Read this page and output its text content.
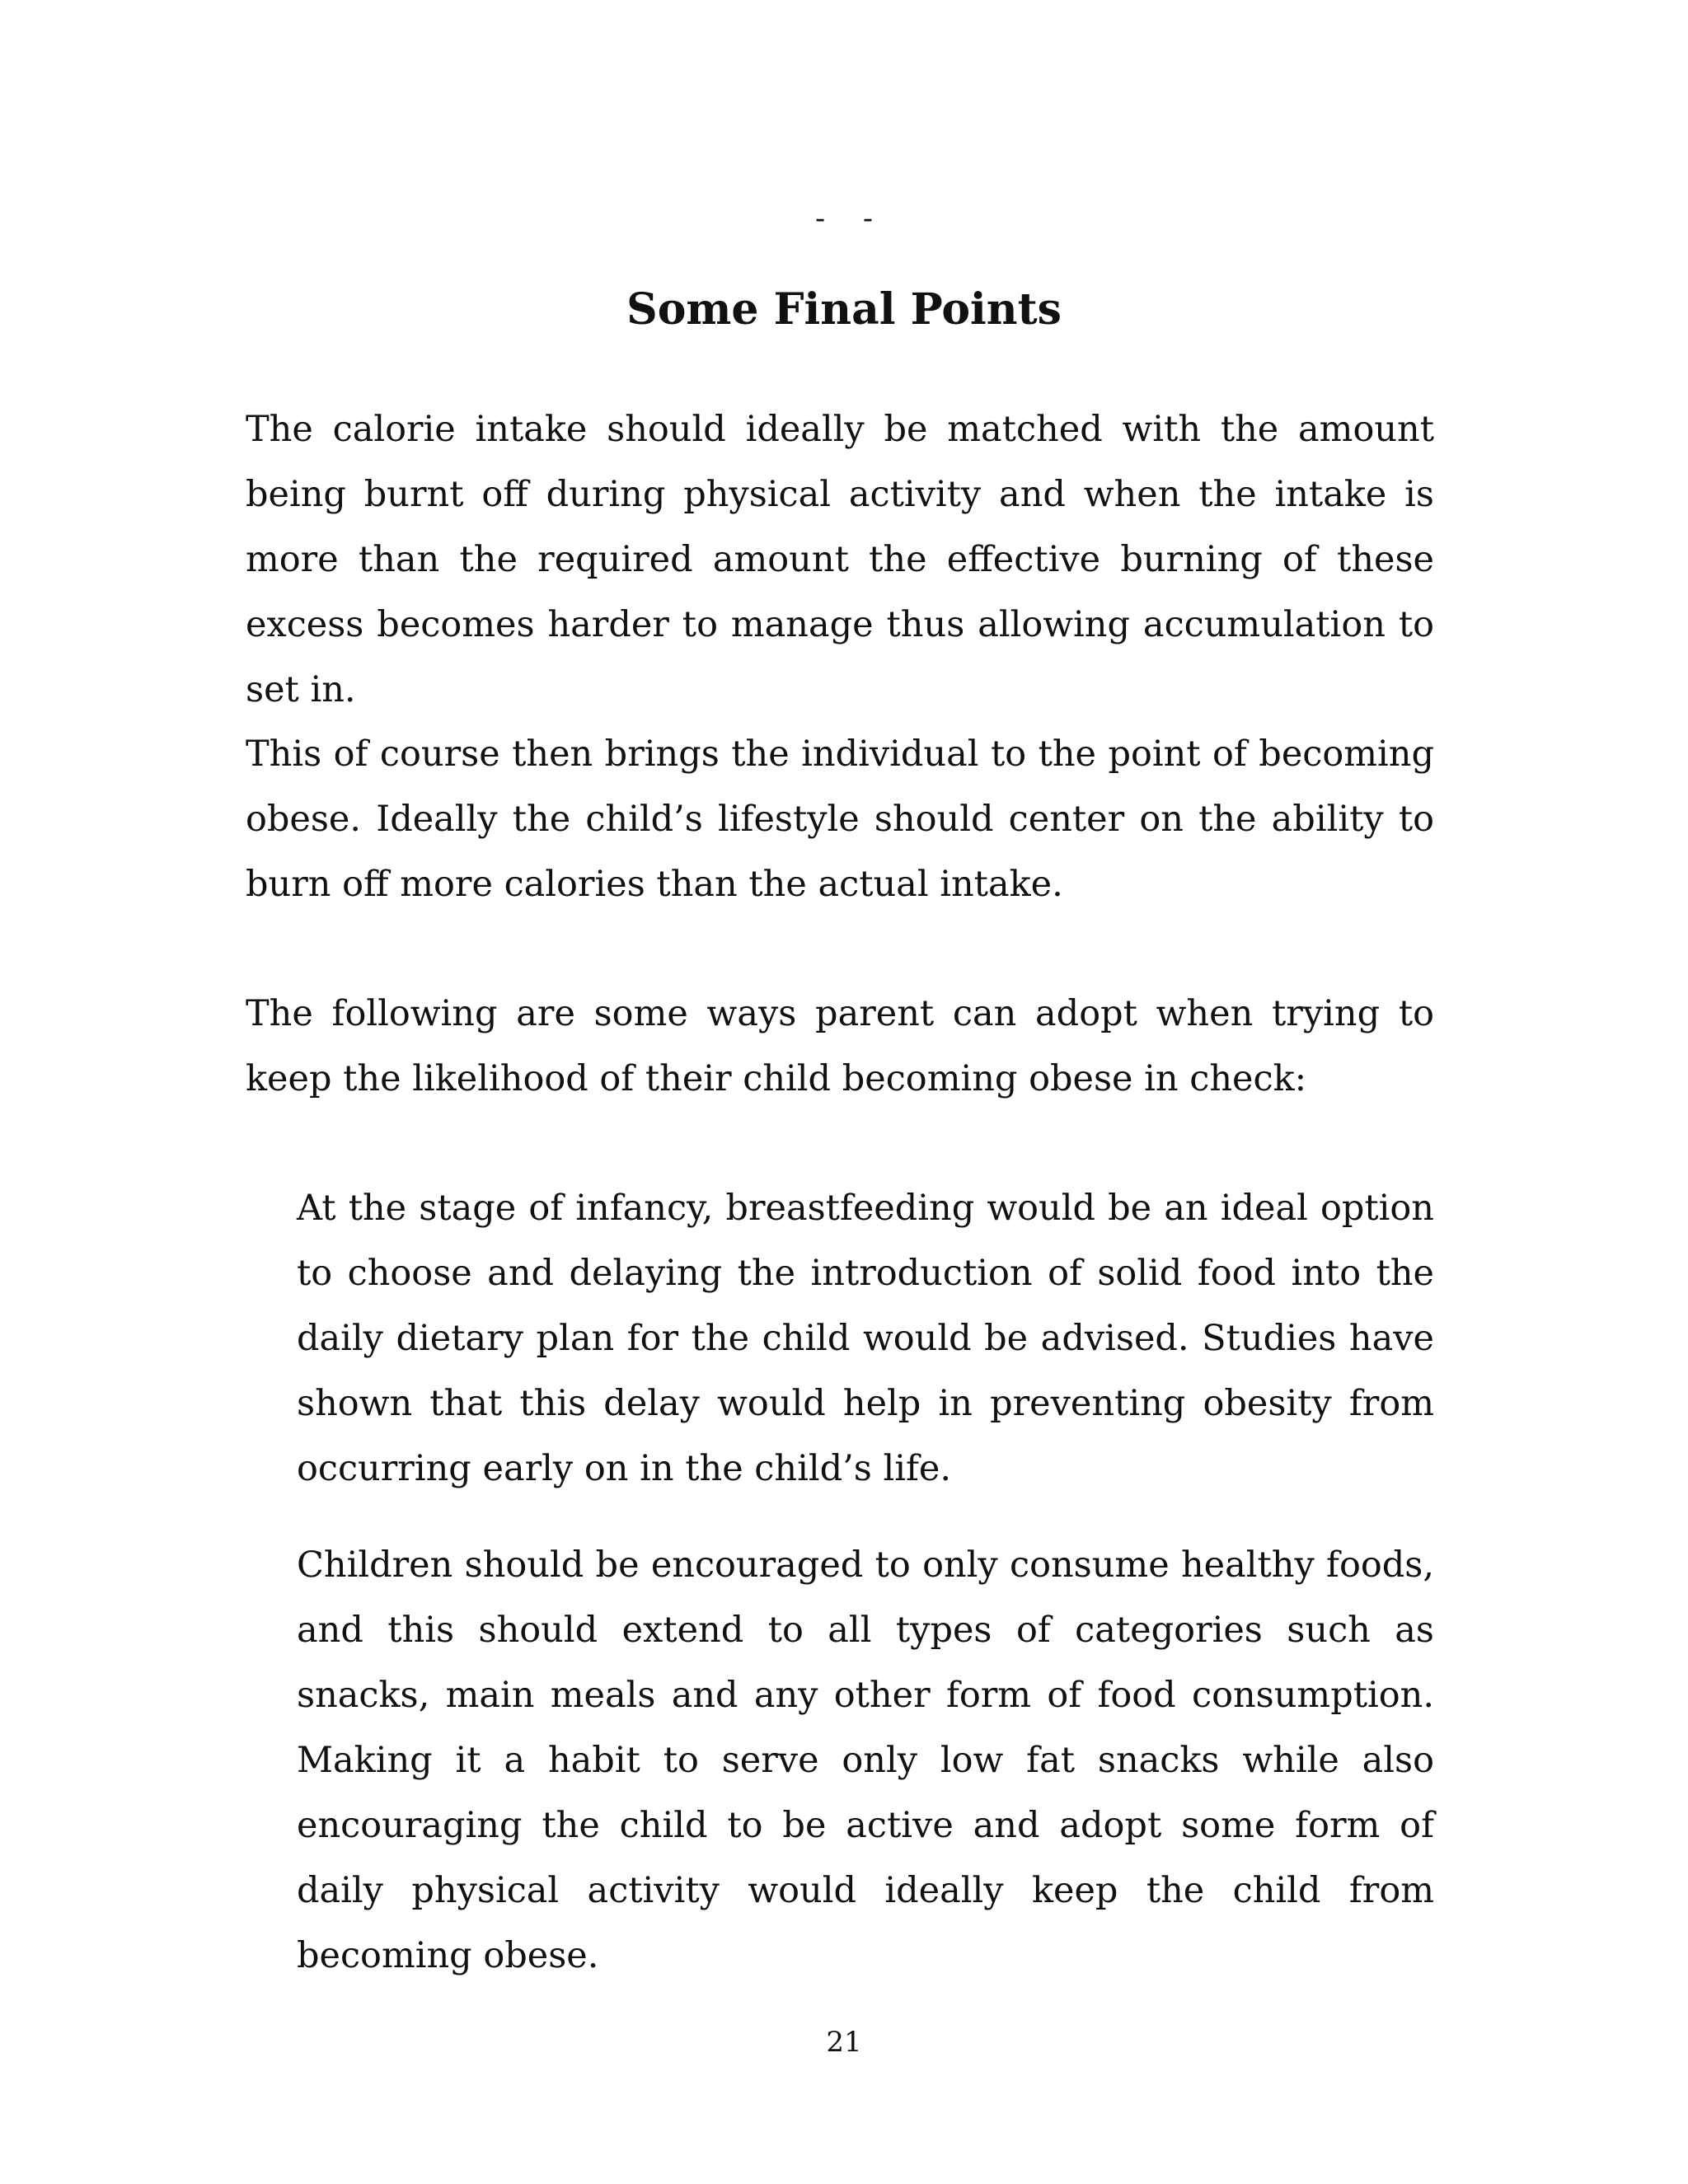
-    -
Some Final Points

The calorie intake should ideally be matched with the amount being burnt off during physical activity and when the intake is more than the required amount the effective burning of these excess becomes harder to manage thus allowing accumulation to set in.

This of course then brings the individual to the point of becoming obese. Ideally the child’s lifestyle should center on the ability to burn off more calories than the actual intake.

The following are some ways parent can adopt when trying to keep the likelihood of their child becoming obese in check:

At the stage of infancy, breastfeeding would be an ideal option to choose and delaying the introduction of solid food into the daily dietary plan for the child would be advised. Studies have shown that this delay would help in preventing obesity from occurring early on in the child’s life.

Children should be encouraged to only consume healthy foods, and this should extend to all types of categories such as snacks, main meals and any other form of food consumption. Making it a habit to serve only low fat snacks while also encouraging the child to be active and adopt some form of daily physical activity would ideally keep the child from becoming obese.

21
